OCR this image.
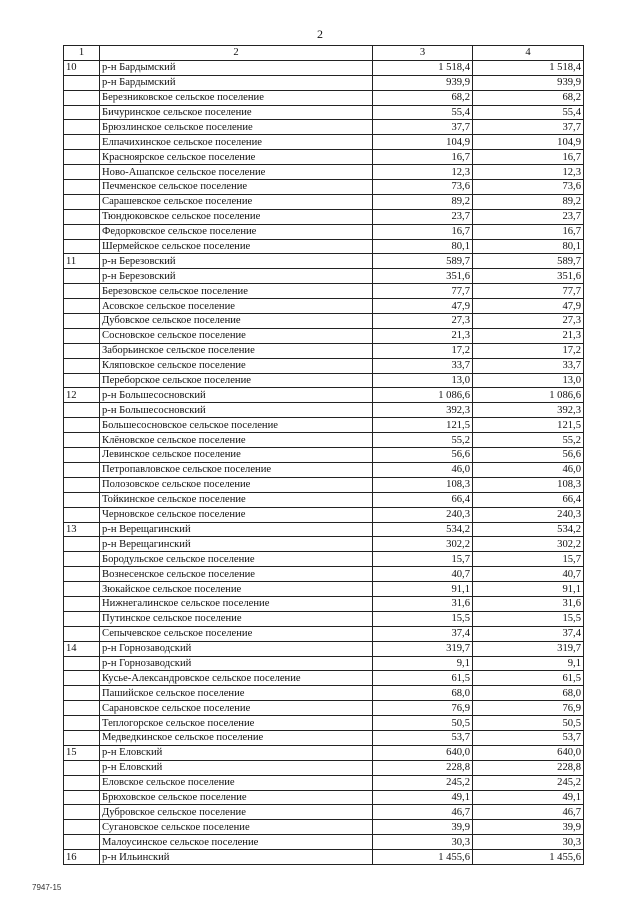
2
1	2	3	4
10	р-н Бардымский	1 518,4	1 518,4
	р-н Бардымский	939,9	939,9
	Березниковское сельское поселение	68,2	68,2
	Бичуринское сельское поселение	55,4	55,4
	Брюзлинское сельское поселение	37,7	37,7
	Елпачихинское сельское поселение	104,9	104,9
	Красноярское сельское поселение	16,7	16,7
	Ново-Ашапское сельское поселение	12,3	12,3
	Печменское сельское поселение	73,6	73,6
	Сарашевское сельское поселение	89,2	89,2
	Тюндюковское сельское поселение	23,7	23,7
	Федорковское сельское поселение	16,7	16,7
	Шермейское сельское поселение	80,1	80,1
11	р-н Березовский	589,7	589,7
	р-н Березовский	351,6	351,6
	Березовское сельское поселение	77,7	77,7
	Асовское сельское поселение	47,9	47,9
	Дубовское сельское поселение	27,3	27,3
	Сосновское сельское поселение	21,3	21,3
	Заборьинское сельское поселение	17,2	17,2
	Кляповское сельское поселение	33,7	33,7
	Переборское сельское поселение	13,0	13,0
12	р-н Большесосновский	1 086,6	1 086,6
	р-н Большесосновский	392,3	392,3
	Большесосновское сельское поселение	121,5	121,5
	Клёновское сельское поселение	55,2	55,2
	Левинское сельское поселение	56,6	56,6
	Петропавловское сельское поселение	46,0	46,0
	Полозовское сельское поселение	108,3	108,3
	Тойкинское сельское поселение	66,4	66,4
	Черновское сельское поселение	240,3	240,3
13	р-н Верещагинский	534,2	534,2
	р-н Верещагинский	302,2	302,2
	Бородульское сельское поселение	15,7	15,7
	Вознесенское сельское поселение	40,7	40,7
	Зюкайское сельское поселение	91,1	91,1
	Нижнегалинское сельское поселение	31,6	31,6
	Путинское сельское поселение	15,5	15,5
	Сепычевское сельское поселение	37,4	37,4
14	р-н Горнозаводский	319,7	319,7
	р-н Горнозаводский	9,1	9,1
	Кусье-Александровское сельское поселение	61,5	61,5
	Пашийское сельское поселение	68,0	68,0
	Сарановское сельское поселение	76,9	76,9
	Теплогорское сельское поселение	50,5	50,5
	Медведкинское сельское поселение	53,7	53,7
15	р-н Еловский	640,0	640,0
	р-н Еловский	228,8	228,8
	Еловское сельское поселение	245,2	245,2
	Брюховское сельское поселение	49,1	49,1
	Дубровское сельское поселение	46,7	46,7
	Сугановское сельское поселение	39,9	39,9
	Малоусинское сельское поселение	30,3	30,3
16	р-н Ильинский	1 455,6	1 455,6
7947-15
